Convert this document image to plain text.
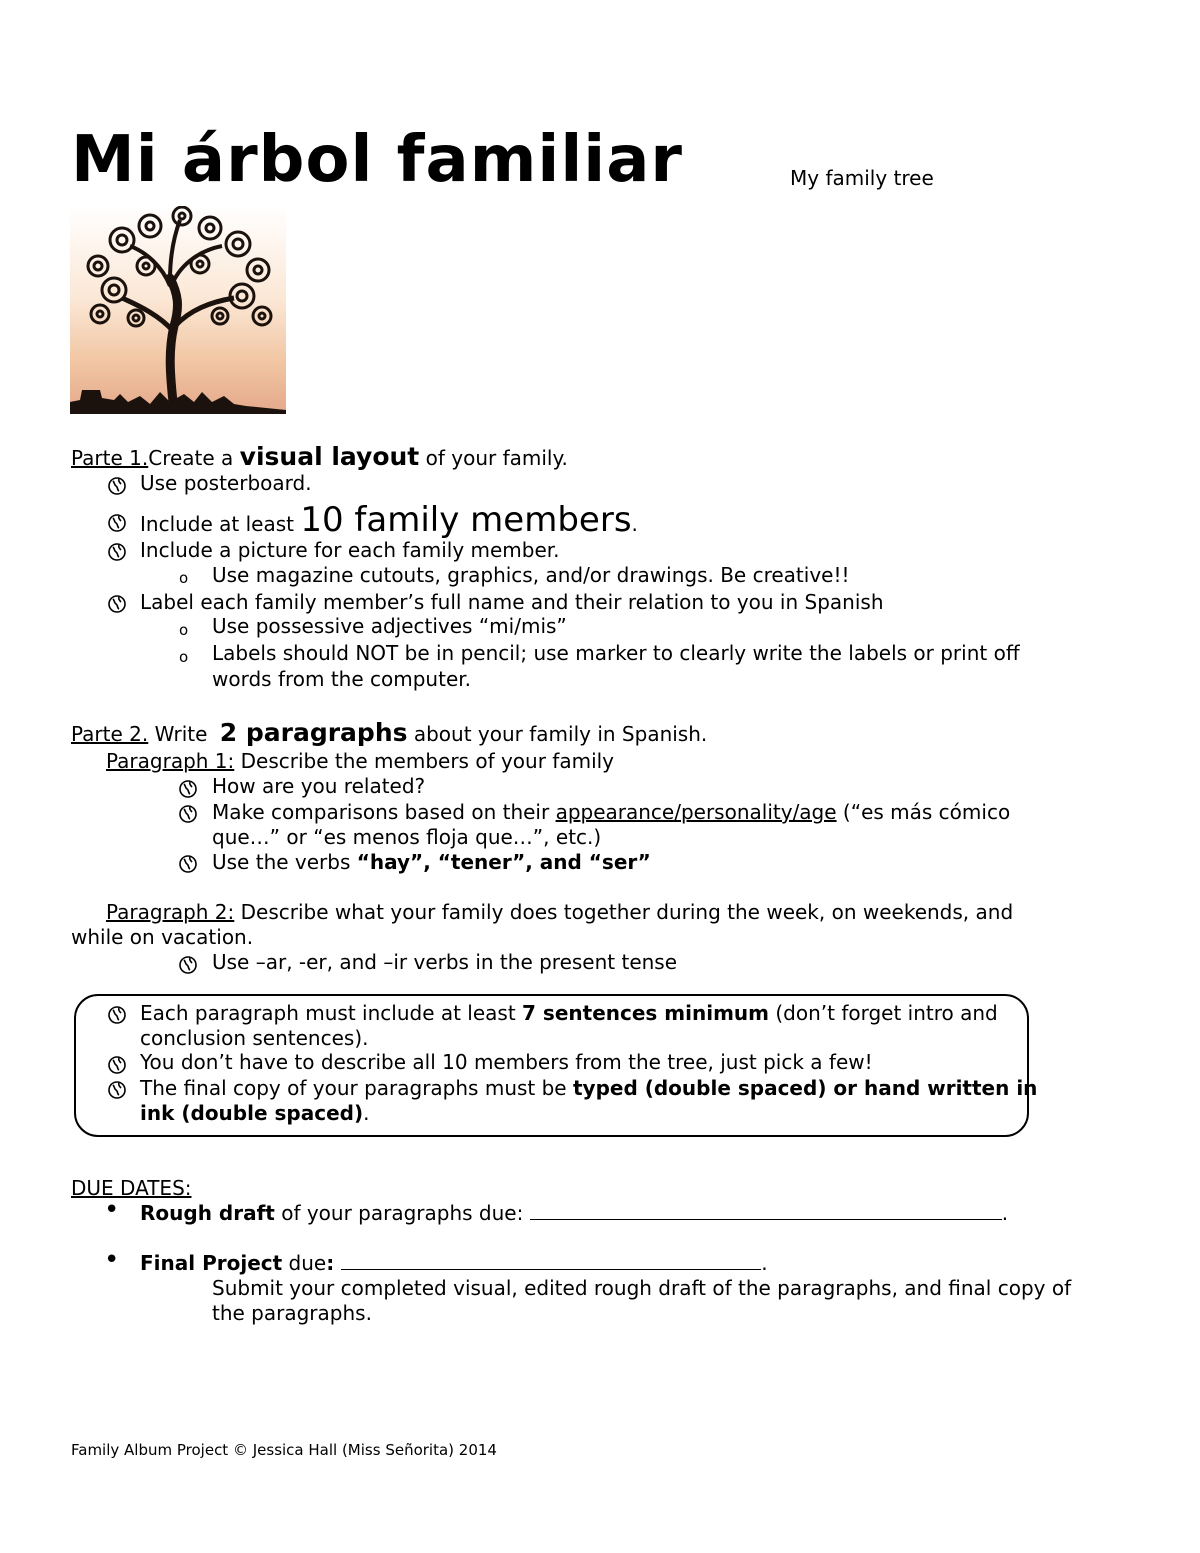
Mi árbol familiar	My family tree
Parte 1.Create a visual layout of your family.
Use posterboard.
Include at least 10 family members.
Include a picture for each family member.
o Use magazine cutouts, graphics, and/or drawings. Be creative!!
Label each family member’s full name and their relation to you in Spanish
o Use possessive adjectives “mi/mis”
o Labels should NOT be in pencil; use marker to clearly write the labels or print off
words from the computer.
Parte 2. Write 2 paragraphs about your family in Spanish.
Paragraph 1: Describe the members of your family
How are you related?
Make comparisons based on their appearance/personality/age (“es más cómico
que…” or “es menos floja que…”, etc.)
Use the verbs “hay”, “tener”, and “ser”
Paragraph 2: Describe what your family does together during the week, on weekends, and
while on vacation.
Use –ar, -er, and –ir verbs in the present tense
Each paragraph must include at least 7 sentences minimum (don’t forget intro and
conclusion sentences).
You don’t have to describe all 10 members from the tree, just pick a few!
The final copy of your paragraphs must be typed (double spaced) or hand written in
ink (double spaced).
DUE DATES:
• Rough draft of your paragraphs due:	.
• Final Project due:	.
Submit your completed visual, edited rough draft of the paragraphs, and final copy of
the paragraphs.
Family Album Project © Jessica Hall (Miss Señorita) 2014
